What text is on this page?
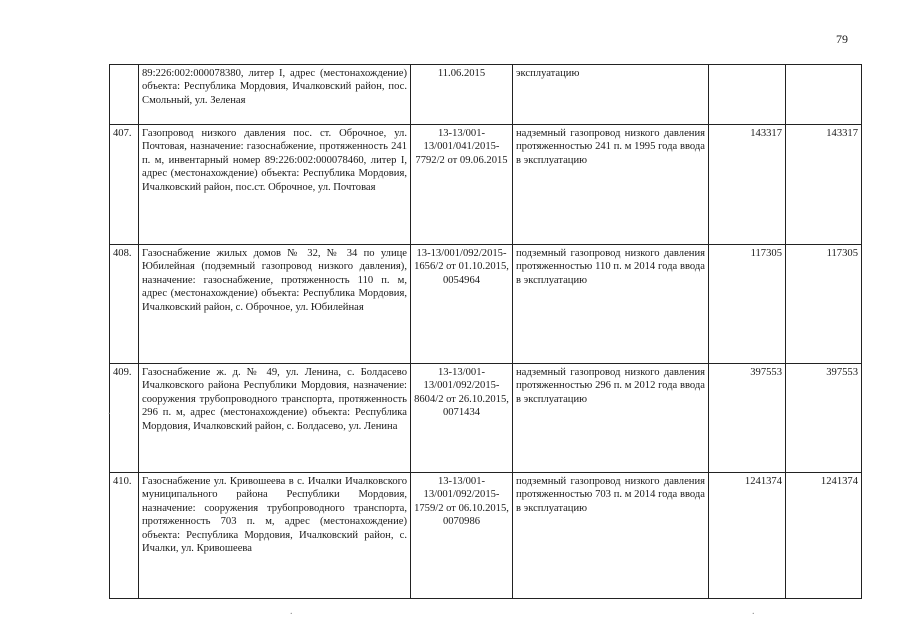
79
	89:226:002:000078380, литер I, адрес (местонахождение) объекта: Республика Мордовия, Ичалковский район, пос. Смольный, ул. Зеленая	11.06.2015	эксплуатацию		
407.	Газопровод низкого давления пос. ст. Оброчное, ул. Почтовая, назначение: газоснабжение, протяженность 241 п. м, инвентарный номер 89:226:002:000078460, литер I, адрес (местонахождение) объекта: Республика Мордовия, Ичалковский район, пос.ст. Оброчное, ул. Почтовая	13-13/001-13/001/041/2015-7792/2 от 09.06.2015	надземный газопровод низкого давления протяженностью 241 п. м 1995 года ввода в эксплуатацию	143317	143317
408.	Газоснабжение жилых домов № 32, № 34 по улице Юбилейная (подземный газопровод низкого давления), назначение: газоснабжение, протяженность 110 п. м, адрес (местонахождение) объекта: Республика Мордовия, Ичалковский район, с. Оброчное, ул. Юбилейная	13-13/001/092/2015-1656/2 от 01.10.2015, 0054964	подземный газопровод низкого давления протяженностью 110 п. м 2014 года ввода в эксплуатацию	117305	117305
409.	Газоснабжение ж. д. № 49, ул. Ленина, с. Болдасево Ичалковского района Республики Мордовия, назначение: сооружения трубопроводного транспорта, протяженность 296 п. м, адрес (местонахождение) объекта: Республика Мордовия, Ичалковский район, с. Болдасево, ул. Ленина	13-13/001-13/001/092/2015-8604/2 от 26.10.2015, 0071434	надземный газопровод низкого давления протяженностью 296 п. м 2012 года ввода в эксплуатацию	397553	397553
410.	Газоснабжение ул. Кривошеева в с. Ичалки Ичалковского муниципального района Республики Мордовия, назначение: сооружения трубопроводного транспорта, протяженность 703 п. м, адрес (местонахождение) объекта: Республика Мордовия, Ичалковский район, с. Ичалки, ул. Кривошеева	13-13/001-13/001/092/2015-1759/2 от 06.10.2015, 0070986	подземный газопровод низкого давления протяженностью 703 п. м 2014 года ввода в эксплуатацию	1241374	1241374
.
.	.
